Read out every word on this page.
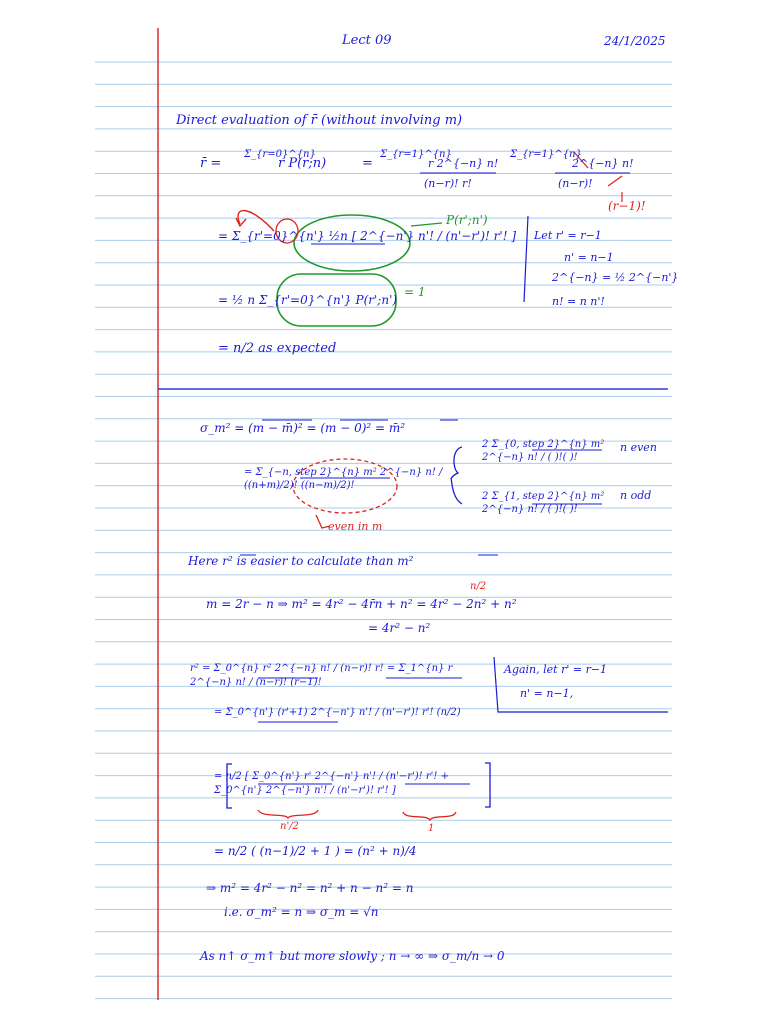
Lect 09	24/1/2025
Direct evaluation of r̄ (without involving m)
r̄ =
Σ_{r=0}^{n}
r P(r;n)	=
Σ_{r=1}^{n}
r 2^{−n} n!
(n−r)! r!
Σ_{r=1}^{n}
2^{−n} n!
(n−r)!
(r−1)!
= Σ_{r'=0}^{n'} ½n [ 2^{−n'} n'! / (n'−r')! r'! ]
P(r';n')
= ½ n Σ_{r'=0}^{n'} P(r';n')
= 1
= n/2 as expected
Let r' = r−1
n' = n−1
2^{−n} = ½ 2^{−n'}
n! = n n'!
σ_m² = (m − m̄)² = (m − 0)² = m̄²
= Σ_{−n, step 2}^{n} m² 2^{−n} n! / ((n+m)/2)! ((n−m)/2)!
even in m
2 Σ_{0, step 2}^{n} m² 2^{−n} n! / ( )!( )!
n even
2 Σ_{1, step 2}^{n} m² 2^{−n} n! / ( )!( )!
n odd
Here r² is easier to calculate than m²
m = 2r − n ⇒ m² = 4r² − 4r̄n + n² = 4r² − 2n² + n²
n/2
= 4r² − n²
r² = Σ_0^{n} r² 2^{−n} n! / (n−r)! r! = Σ_1^{n} r 2^{−n} n! / (n−r)! (r−1)!
Again, let r' = r−1
n' = n−1,
= Σ_0^{n'} (r'+1) 2^{−n'} n'! / (n'−r')! r'! (n/2)
= n/2 [ Σ_0^{n'} r' 2^{−n'} n'! / (n'−r')! r'! + Σ_0^{n'} 2^{−n'} n'! / (n'−r')! r'! ]
n'/2	1
= n/2 ( (n−1)/2 + 1 ) = (n² + n)/4
⇒ m² = 4r² − n² = n² + n − n² = n
i.e. σ_m² = n ⇒ σ_m = √n
As n↑ σ_m↑ but more slowly ; n → ∞ ⇒ σ_m/n → 0
